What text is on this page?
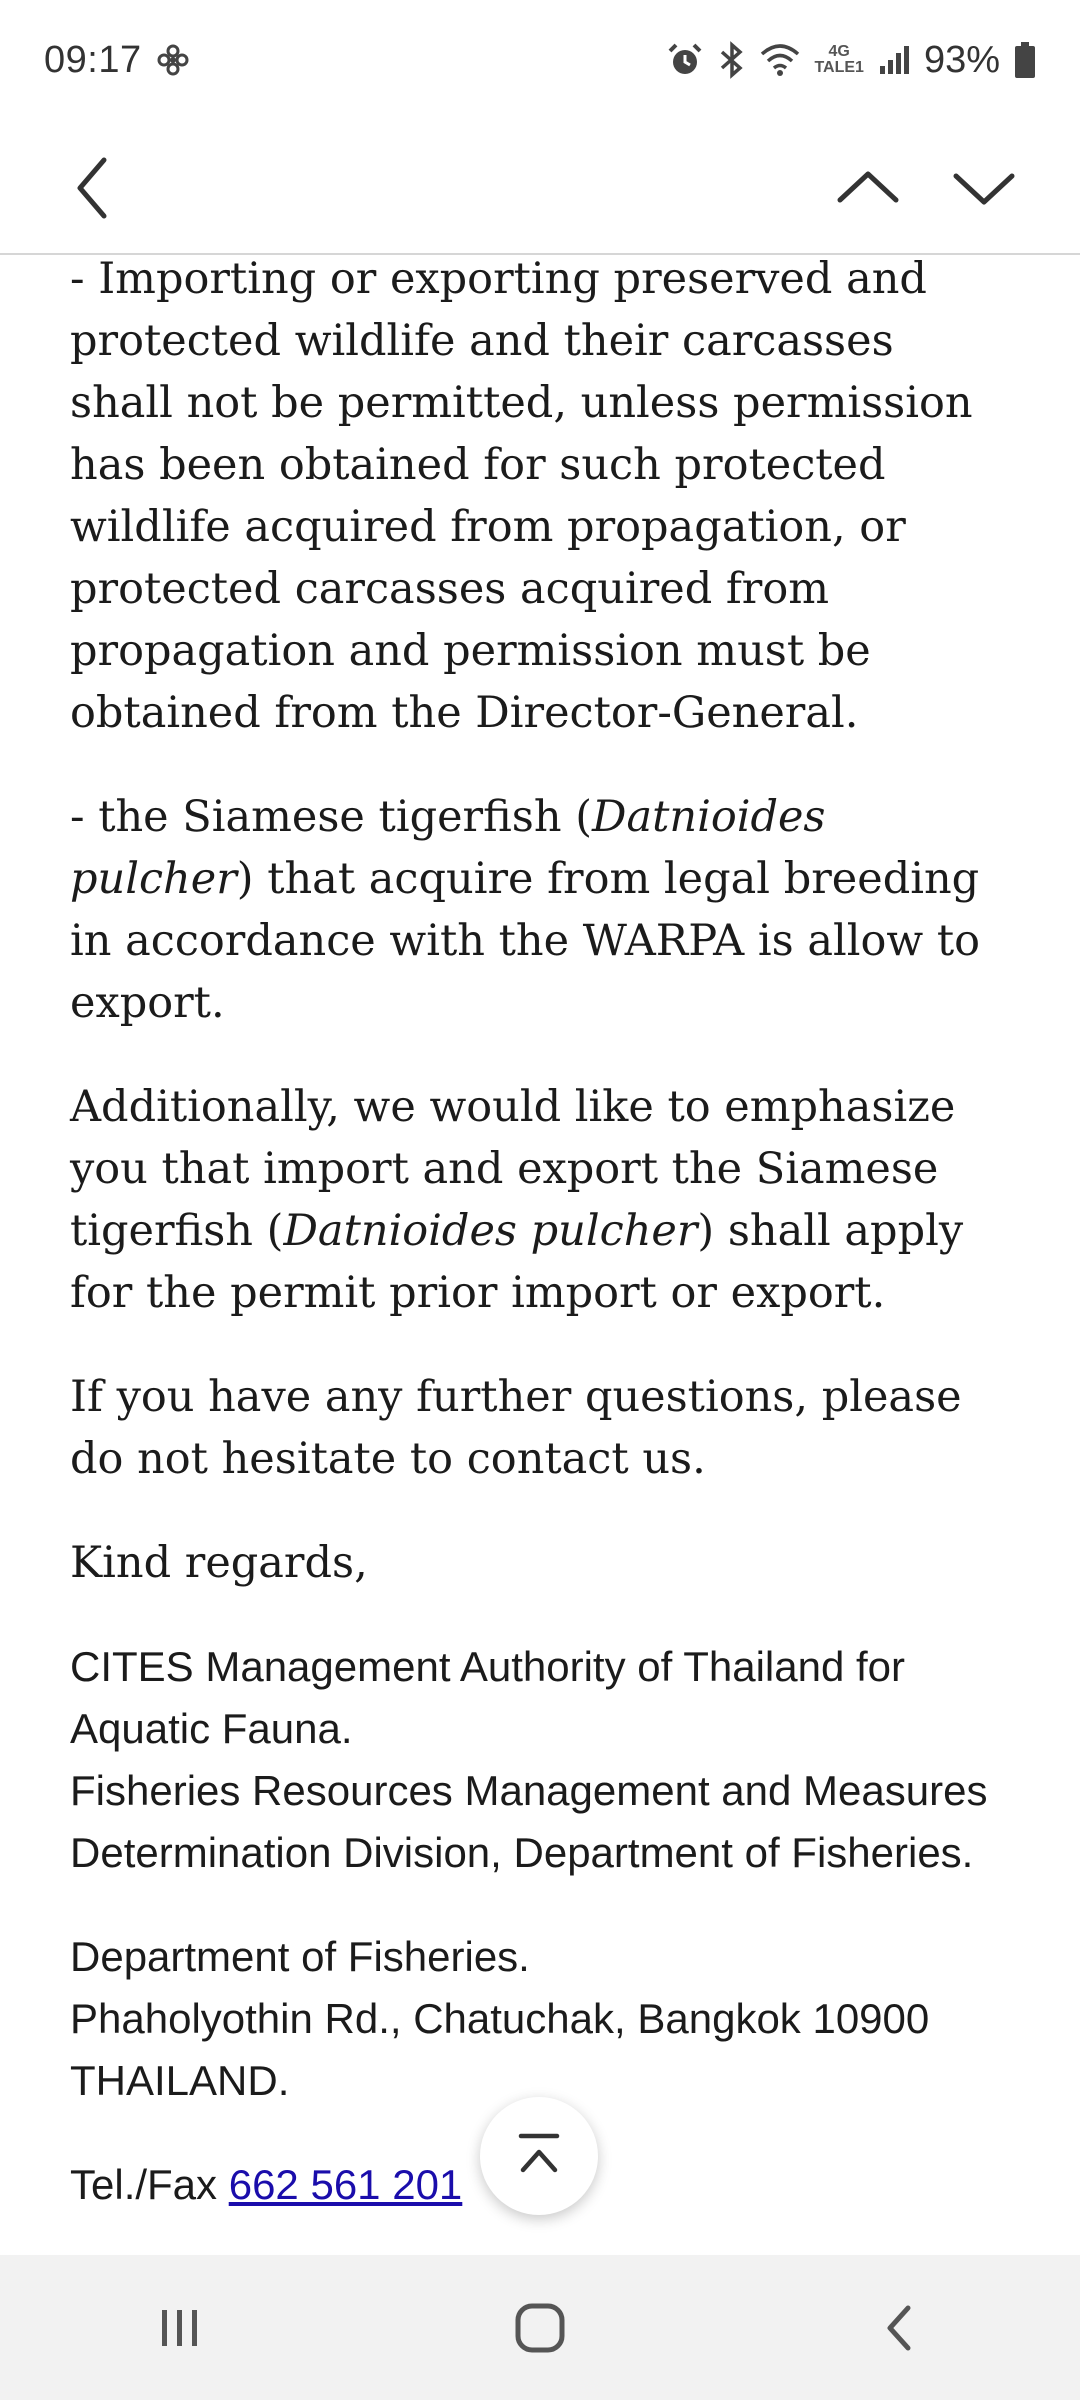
09:17	4G
TALE1 93%

- Importing or exporting preserved and protected wildlife and their carcasses shall not be permitted, unless permission has been obtained for such protected wildlife acquired from propagation, or protected carcasses acquired from propagation and permission must be obtained from the Director-General.

- the Siamese tigerfish (Datnioides pulcher) that acquire from legal breeding in accordance with the WARPA is allow to export.

Additionally, we would like to emphasize you that import and export the Siamese tigerfish (Datnioides pulcher) shall apply for the permit prior import or export.

If you have any further questions, please do not hesitate to contact us.

Kind regards,

CITES Management Authority of Thailand for Aquatic Fauna.
Fisheries Resources Management and Measures Determination Division, Department of Fisheries.
Department of Fisheries.
Phaholyothin Rd., Chatuchak, Bangkok 10900 THAILAND.
Tel./Fax 662 561 201
